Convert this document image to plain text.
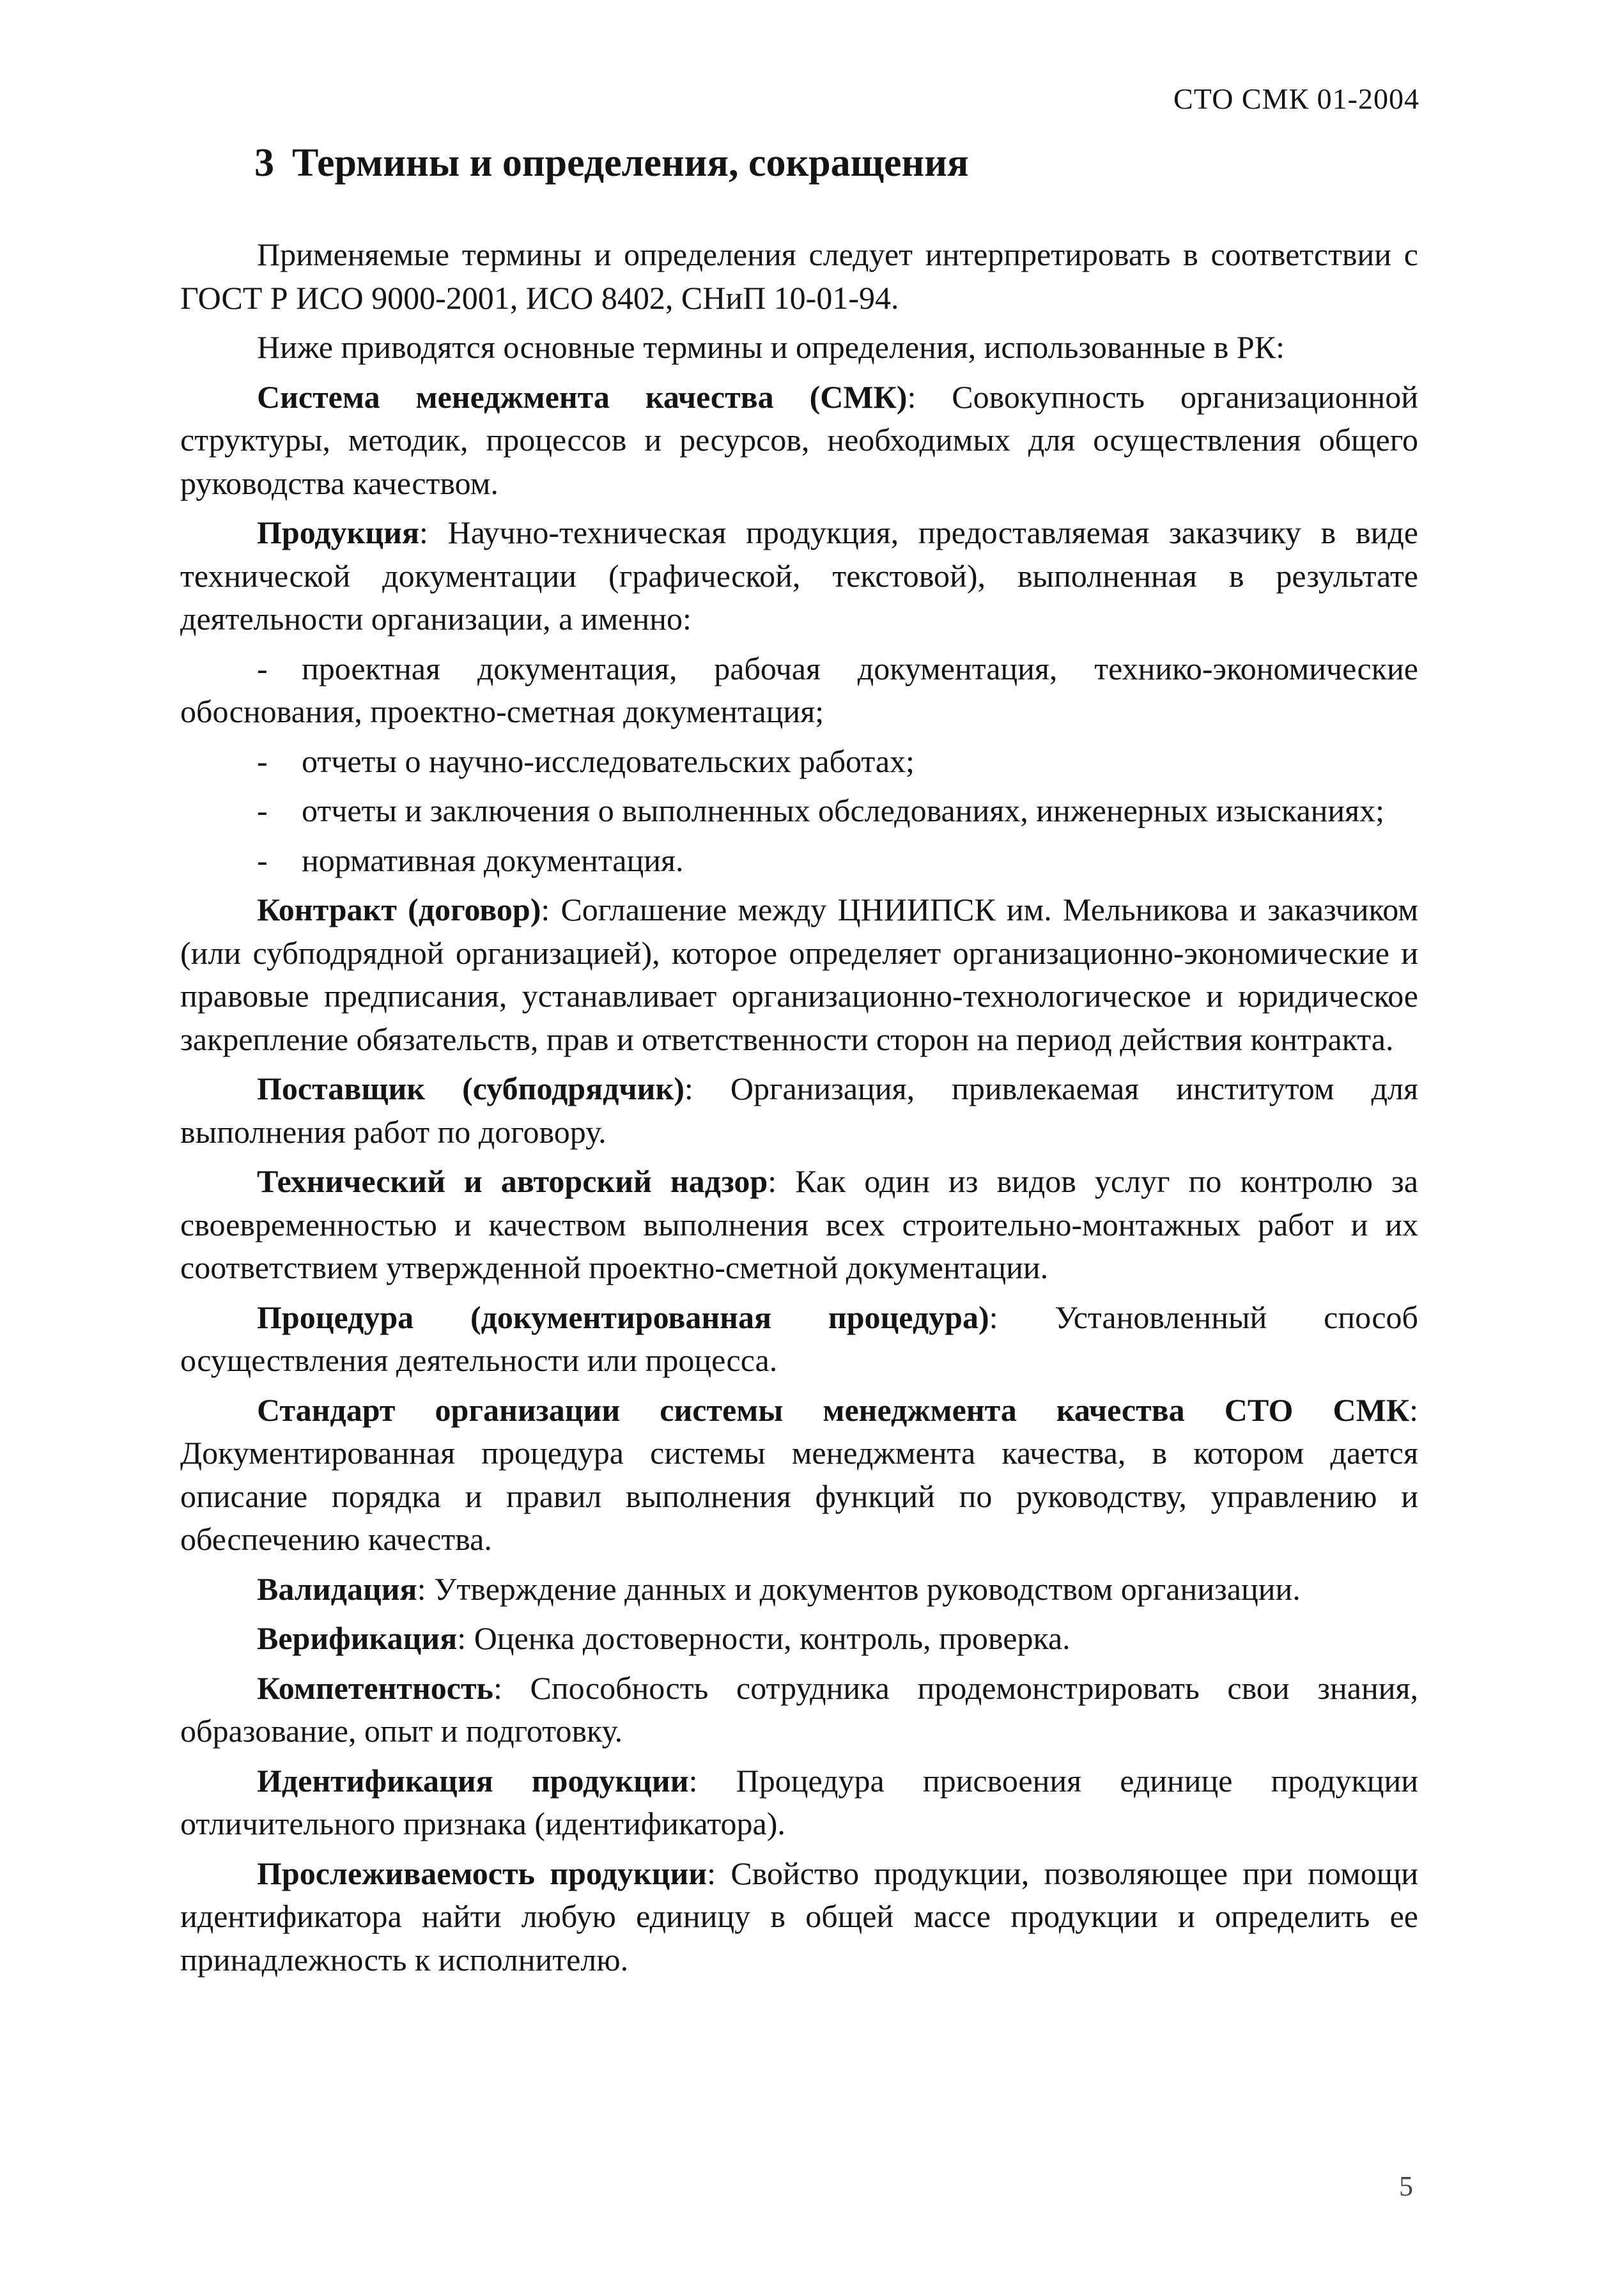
СТО СМК 01-2004
3 Термины и определения, сокращения

Применяемые термины и определения следует интерпретировать в соответствии с ГОСТ Р ИСО 9000-2001, ИСО 8402, СНиП 10-01-94.

Ниже приводятся основные термины и определения, использованные в РК:

Система менеджмента качества (СМК): Совокупность организационной структуры, методик, процессов и ресурсов, необходимых для осуществления общего руководства качеством.

Продукция: Научно-техническая продукция, предоставляемая заказчику в виде технической документации (графической, текстовой), выполненная в результате деятельности организации, а именно:

- проектная документация, рабочая документация, технико-экономические обоснования, проектно-сметная документация;

- отчеты о научно-исследовательских работах;

- отчеты и заключения о выполненных обследованиях, инженерных изысканиях;

- нормативная документация.

Контракт (договор): Соглашение между ЦНИИПСК им. Мельникова и заказчиком (или субподрядной организацией), которое определяет организационно-экономические и правовые предписания, устанавливает организационно-технологическое и юридическое закрепление обязательств, прав и ответственности сторон на период действия контракта.

Поставщик (субподрядчик): Организация, привлекаемая институтом для выполнения работ по договору.

Технический и авторский надзор: Как один из видов услуг по контролю за своевременностью и качеством выполнения всех строительно-монтажных работ и их соответствием утвержденной проектно-сметной документации.

Процедура (документированная процедура): Установленный способ осуществления деятельности или процесса.

Стандарт организации системы менеджмента качества СТО СМК: Документированная процедура системы менеджмента качества, в котором дается описание порядка и правил выполнения функций по руководству, управлению и обеспечению качества.

Валидация: Утверждение данных и документов руководством организации.

Верификация: Оценка достоверности, контроль, проверка.

Компетентность: Способность сотрудника продемонстрировать свои знания, образование, опыт и подготовку.

Идентификация продукции: Процедура присвоения единице продукции отличительного признака (идентификатора).

Прослеживаемость продукции: Свойство продукции, позволяющее при помощи идентификатора найти любую единицу в общей массе продукции и определить ее принадлежность к исполнителю.

5
